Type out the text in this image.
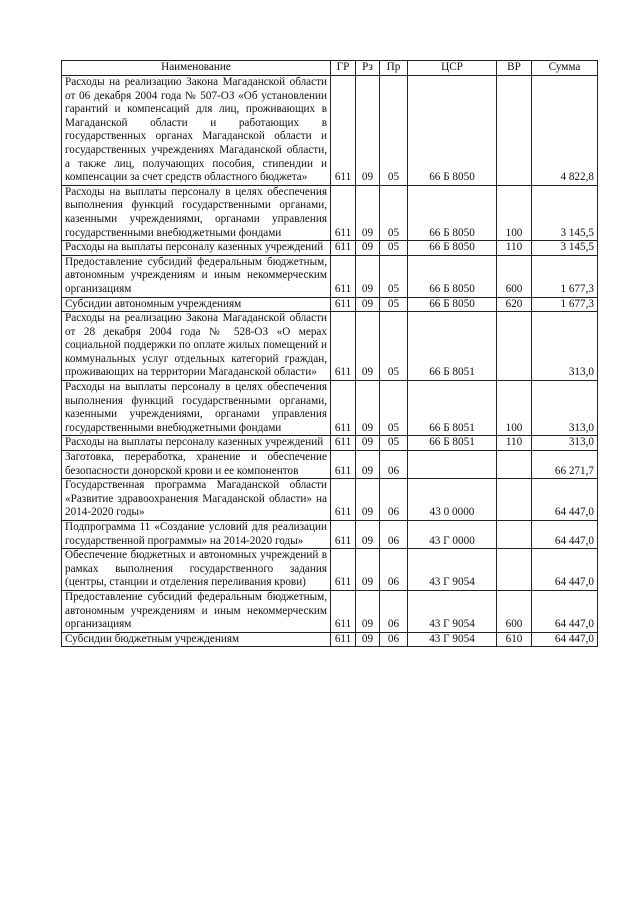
Наименование	ГР	Рз	Пр	ЦСР	ВР	Сумма
Расходы на реализацию Закона Магаданской области от 06 декабря 2004 года № 507-ОЗ «Об установлении гарантий и компенсаций для лиц, проживающих в Магаданской области и работающих в государственных органах Магаданской области и государственных учреждениях Магаданской области, а также лиц, получающих пособия, стипендии и компенсации за счет средств областного бюджета»	611	09	05	66 Б 8050		4 822,8
Расходы на выплаты персоналу в целях обеспечения выполнения функций государственными органами, казенными учреждениями, органами управления государственными внебюджетными фондами	611	09	05	66 Б 8050	100	3 145,5
Расходы на выплаты персоналу казенных учреждений	611	09	05	66 Б 8050	110	3 145,5
Предоставление субсидий федеральным бюджетным, автономным учреждениям и иным некоммерческим организациям	611	09	05	66 Б 8050	600	1 677,3
Субсидии автономным учреждениям	611	09	05	66 Б 8050	620	1 677,3
Расходы на реализацию Закона Магаданской области от 28 декабря 2004 года № 528-ОЗ «О мерах социальной поддержки по оплате жилых помещений и коммунальных услуг отдельных категорий граждан, проживающих на территории Магаданской области»	611	09	05	66 Б 8051		313,0
Расходы на выплаты персоналу в целях обеспечения выполнения функций государственными органами, казенными учреждениями, органами управления государственными внебюджетными фондами	611	09	05	66 Б 8051	100	313,0
Расходы на выплаты персоналу казенных учреждений	611	09	05	66 Б 8051	110	313,0
Заготовка, переработка, хранение и обеспечение безопасности донорской крови и ее компонентов	611	09	06			66 271,7
Государственная программа Магаданской области «Развитие здравоохранения Магаданской области» на 2014-2020 годы»	611	09	06	43 0 0000		64 447,0
Подпрограмма 11 «Создание условий для реализации государственной программы» на 2014-2020 годы»	611	09	06	43 Г 0000		64 447,0
Обеспечение бюджетных и автономных учреждений в рамках выполнения государственного задания (центры, станции и отделения переливания крови)	611	09	06	43 Г 9054		64 447,0
Предоставление субсидий федеральным бюджетным, автономным учреждениям и иным некоммерческим организациям	611	09	06	43 Г 9054	600	64 447,0
Субсидии бюджетным учреждениям	611	09	06	43 Г 9054	610	64 447,0
